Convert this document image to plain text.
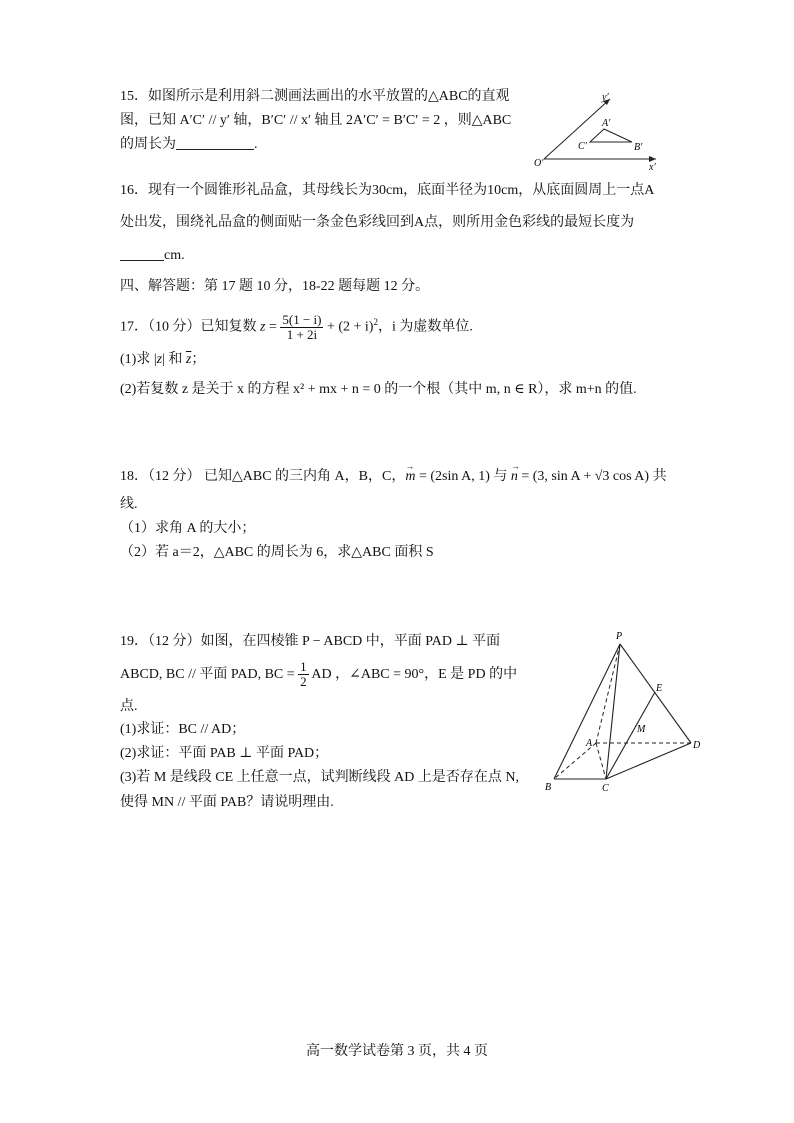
15．如图所示是利用斜二测画法画出的水平放置的△ABC的直观
图，已知 A′C′ // y′ 轴，B′C′ // x′ 轴且 2A′C′ = B′C′ = 2 ，则△ABC
的周长为	.
y′
x′
O′
A′
B′
C′
16．现有一个圆锥形礼品盒，其母线长为30cm，底面半径为10cm，从底面圆周上一点A
处出发，围绕礼品盒的侧面贴一条金色彩线回到A点，则所用金色彩线的最短长度为
cm.
四、解答题：第 17 题 10 分，18-22 题每题 12 分。
17．（10 分）已知复数 $z = \frac{5(1 - i)}{1 + 2i} + (2 + i)^2$，i 为虚数单位.
(1)求 |z| 和 $\overline{z}$；
(2)若复数 z 是关于 x 的方程 x² + mx + n = 0 的一个根（其中 m, n ∈ R），求 m+n 的值.
18．（12 分） 已知△ABC 的三内角 A，B，C，→ m = (2sin A, 1) 与 → n = (3, sin A + √3 cos A) 共
线.
（1）求角 A 的大小；
（2）若 a＝2，△ABC 的周长为 6，求△ABC 面积 S
19．（12 分）如图，在四棱锥 P − ABCD 中，平面 PAD ⊥ 平面
ABCD, BC // 平面 PAD, BC = $\frac{1}{2}$ AD ，∠ABC = 90°，E 是 PD 的中
点.
(1)求证：BC // AD；
(2)求证：平面 PAB ⊥ 平面 PAD；
(3)若 M 是线段 CE 上任意一点，试判断线段 AD 上是否存在点 N,
使得 MN // 平面 PAB？请说明理由.
P
A
B	C
D
E
M
高一数学试卷第 3 页，共 4 页
